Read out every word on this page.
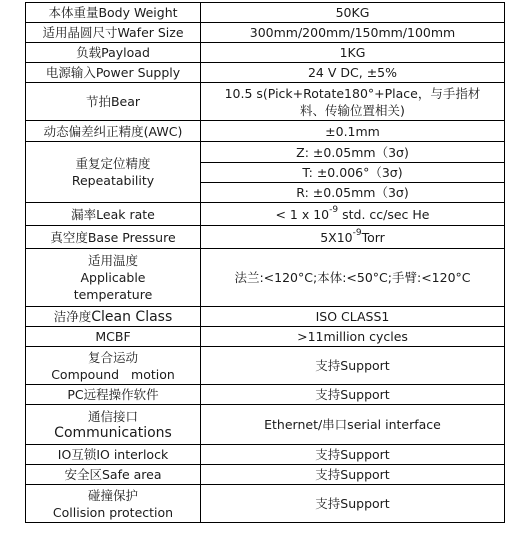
本体重量Body Weight	50KG
适用晶圆尺寸Wafer Size	300mm/200mm/150mm/100mm
负载Payload	1KG
电源输入Power Supply	24 V DC, ±5%
节拍Bear	10.5 s(Pick+Rotate180°+Place，与手指材
料、传输位置相关)

动态偏差纠正精度(AWC)	±0.1mm

重复定位精度
Repeatability	Z: ±0.05mm（3σ)
	T: ±0.006°（3σ)
	R: ±0.05mm（3σ)
漏率Leak rate	< 1 x $10^{-9}$ std. cc/sec He
真空度Base Pressure	$5X10^{-9}Torr$

适用温度
Applicable
temperature	法兰:<120°C;本体:<50°C;手臂:<120°C
洁净度Clean Class	ISO CLASS1
MCBF	>11million cycles

复合运动
Compound   motion	支持Support
PC远程操作软件	支持Support

通信接口
Communications	Ethernet/串口serial interface
IO互锁IO interlock	支持Support
安全区Safe area	支持Support

碰撞保护
Collision protection	支持Support
